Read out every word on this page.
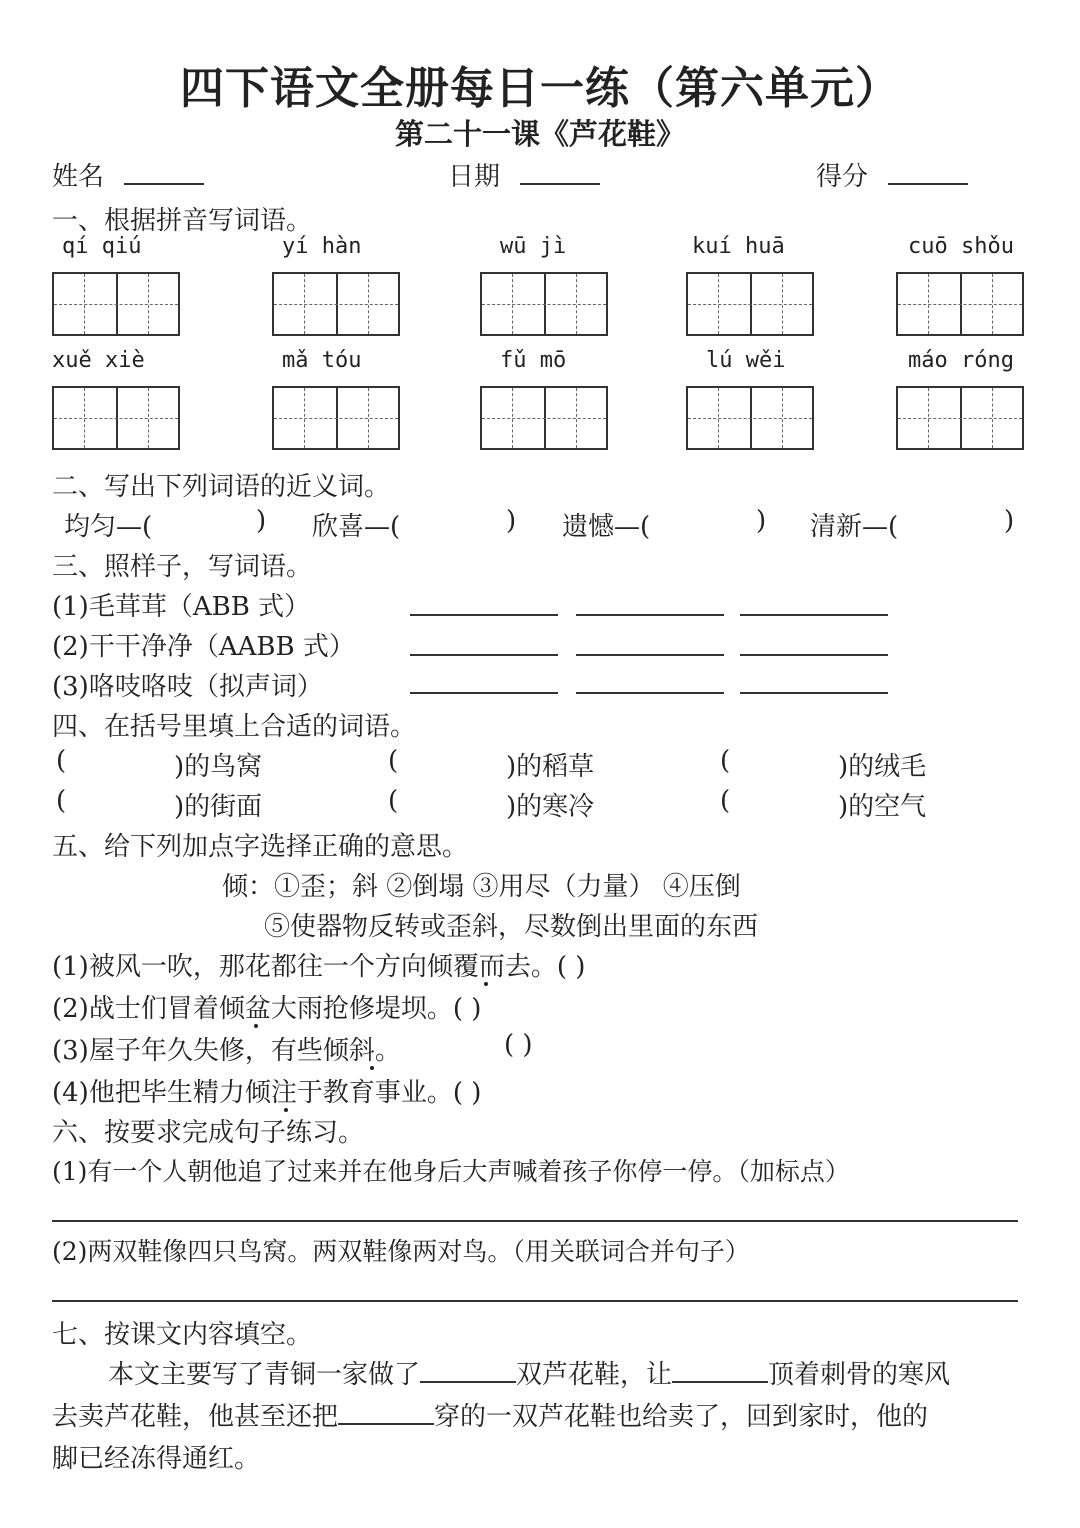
四下语文全册每日一练（第六单元）
第二十一课《芦花鞋》
姓名	日期	得分
一、根据拼音写词语。
qí qiú	yí hàn	wū jì	kuí huā	cuō shǒu
xuě xiè	mǎ tóu	fǔ mō	lú wěi	máo róng
二、写出下列词语的近义词。
均匀—(	) 欣喜—(	) 遗憾—(	) 清新—(	)
三、照样子，写词语。
(1)毛茸茸（ABB 式）
(2)干干净净（AABB 式）
(3)咯吱咯吱（拟声词）
四、在括号里填上合适的词语。
(	)的鸟窝	(	)的稻草	(	)的绒毛
(	)的街面	(	)的寒冷	(	)的空气
五、给下列加点字选择正确的意思。
倾：①歪；斜 ②倒塌 ③用尽（力量） ④压倒
⑤使器物反转或歪斜，尽数倒出里面的东西
(1)被风一吹，那花都往一个方向倾覆而去。( )
(2)战士们冒着倾盆大雨抢修堤坝。( )
(3)屋子年久失修，有些倾斜。	( )
(4)他把毕生精力倾注于教育事业。( )
六、按要求完成句子练习。
(1)有一个人朝他追了过来并在他身后大声喊着孩子你停一停。（加标点）
(2)两双鞋像四只鸟窝。两双鞋像两对鸟。（用关联词合并句子）
七、按课文内容填空。
本文主要写了青铜一家做了	双芦花鞋，让	顶着刺骨的寒风
去卖芦花鞋，他甚至还把	穿的一双芦花鞋也给卖了，回到家时，他的
脚已经冻得通红。
